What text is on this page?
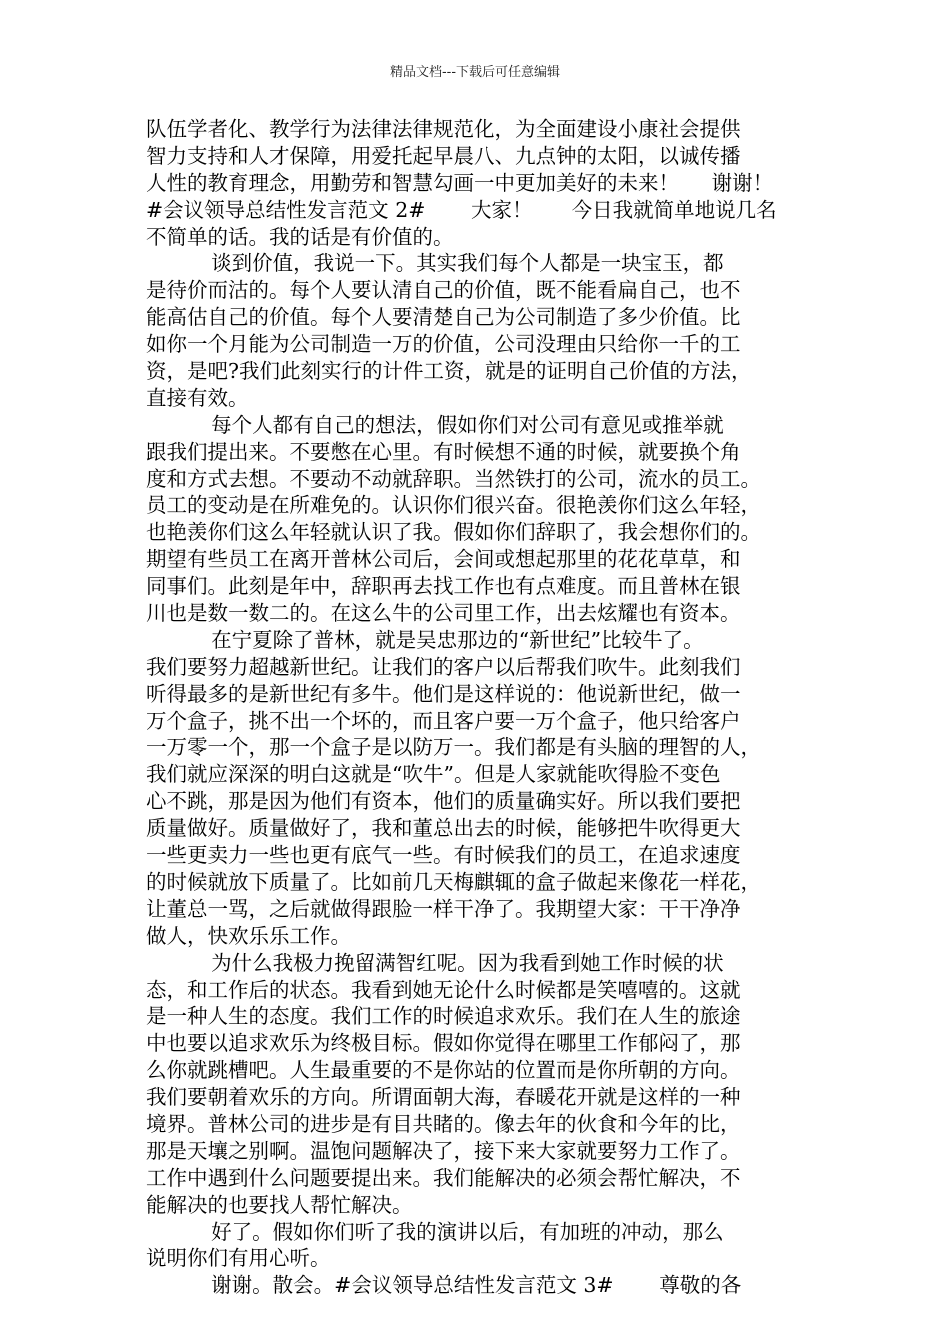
精品文档---下载后可任意编辑
队伍学者化、教学行为法律法律规范化，为全面建设小康社会提供
智力支持和人才保障，用爱托起早晨八、九点钟的太阳，以诚传播
人性的教育理念，用勤劳和智慧勾画一中更加美好的未来！     谢谢！
#会议领导总结性发言范文 2#       大家！      今日我就简单地说几名
不简单的话。我的话是有价值的。
谈到价值，我说一下。其实我们每个人都是一块宝玉，都
是待价而沽的。每个人要认清自己的价值，既不能看扁自己，也不
能高估自己的价值。每个人要清楚自己为公司制造了多少价值。比
如你一个月能为公司制造一万的价值，公司没理由只给你一千的工
资，是吧?我们此刻实行的计件工资，就是的证明自己价值的方法，
直接有效。
每个人都有自己的想法，假如你们对公司有意见或推举就
跟我们提出来。不要憋在心里。有时候想不通的时候，就要换个角
度和方式去想。不要动不动就辞职。当然铁打的公司，流水的员工。
员工的变动是在所难免的。认识你们很兴奋。很艳羡你们这么年轻，
也艳羡你们这么年轻就认识了我。假如你们辞职了，我会想你们的。
期望有些员工在离开普林公司后，会间或想起那里的花花草草，和
同事们。此刻是年中，辞职再去找工作也有点难度。而且普林在银
川也是数一数二的。在这么牛的公司里工作，出去炫耀也有资本。
在宁夏除了普林，就是吴忠那边的“新世纪”比较牛了。
我们要努力超越新世纪。让我们的客户以后帮我们吹牛。此刻我们
听得最多的是新世纪有多牛。他们是这样说的：他说新世纪，做一
万个盒子，挑不出一个坏的，而且客户要一万个盒子，他只给客户
一万零一个，那一个盒子是以防万一。我们都是有头脑的理智的人，
我们就应深深的明白这就是“吹牛”。但是人家就能吹得脸不变色
心不跳，那是因为他们有资本，他们的质量确实好。所以我们要把
质量做好。质量做好了，我和董总出去的时候，能够把牛吹得更大
一些更卖力一些也更有底气一些。有时候我们的员工，在追求速度
的时候就放下质量了。比如前几天梅麒辄的盒子做起来像花一样花，
让董总一骂，之后就做得跟脸一样干净了。我期望大家：干干净净
做人，快欢乐乐工作。
为什么我极力挽留满智红呢。因为我看到她工作时候的状
态，和工作后的状态。我看到她无论什么时候都是笑嘻嘻的。这就
是一种人生的态度。我们工作的时候追求欢乐。我们在人生的旅途
中也要以追求欢乐为终极目标。假如你觉得在哪里工作郁闷了，那
么你就跳槽吧。人生最重要的不是你站的位置而是你所朝的方向。
我们要朝着欢乐的方向。所谓面朝大海，春暖花开就是这样的一种
境界。普林公司的进步是有目共睹的。像去年的伙食和今年的比，
那是天壤之别啊。温饱问题解决了，接下来大家就要努力工作了。
工作中遇到什么问题要提出来。我们能解决的必须会帮忙解决，不
能解决的也要找人帮忙解决。
好了。假如你们听了我的演讲以后，有加班的冲动，那么
说明你们有用心听。
谢谢。散会。#会议领导总结性发言范文 3#       尊敬的各
